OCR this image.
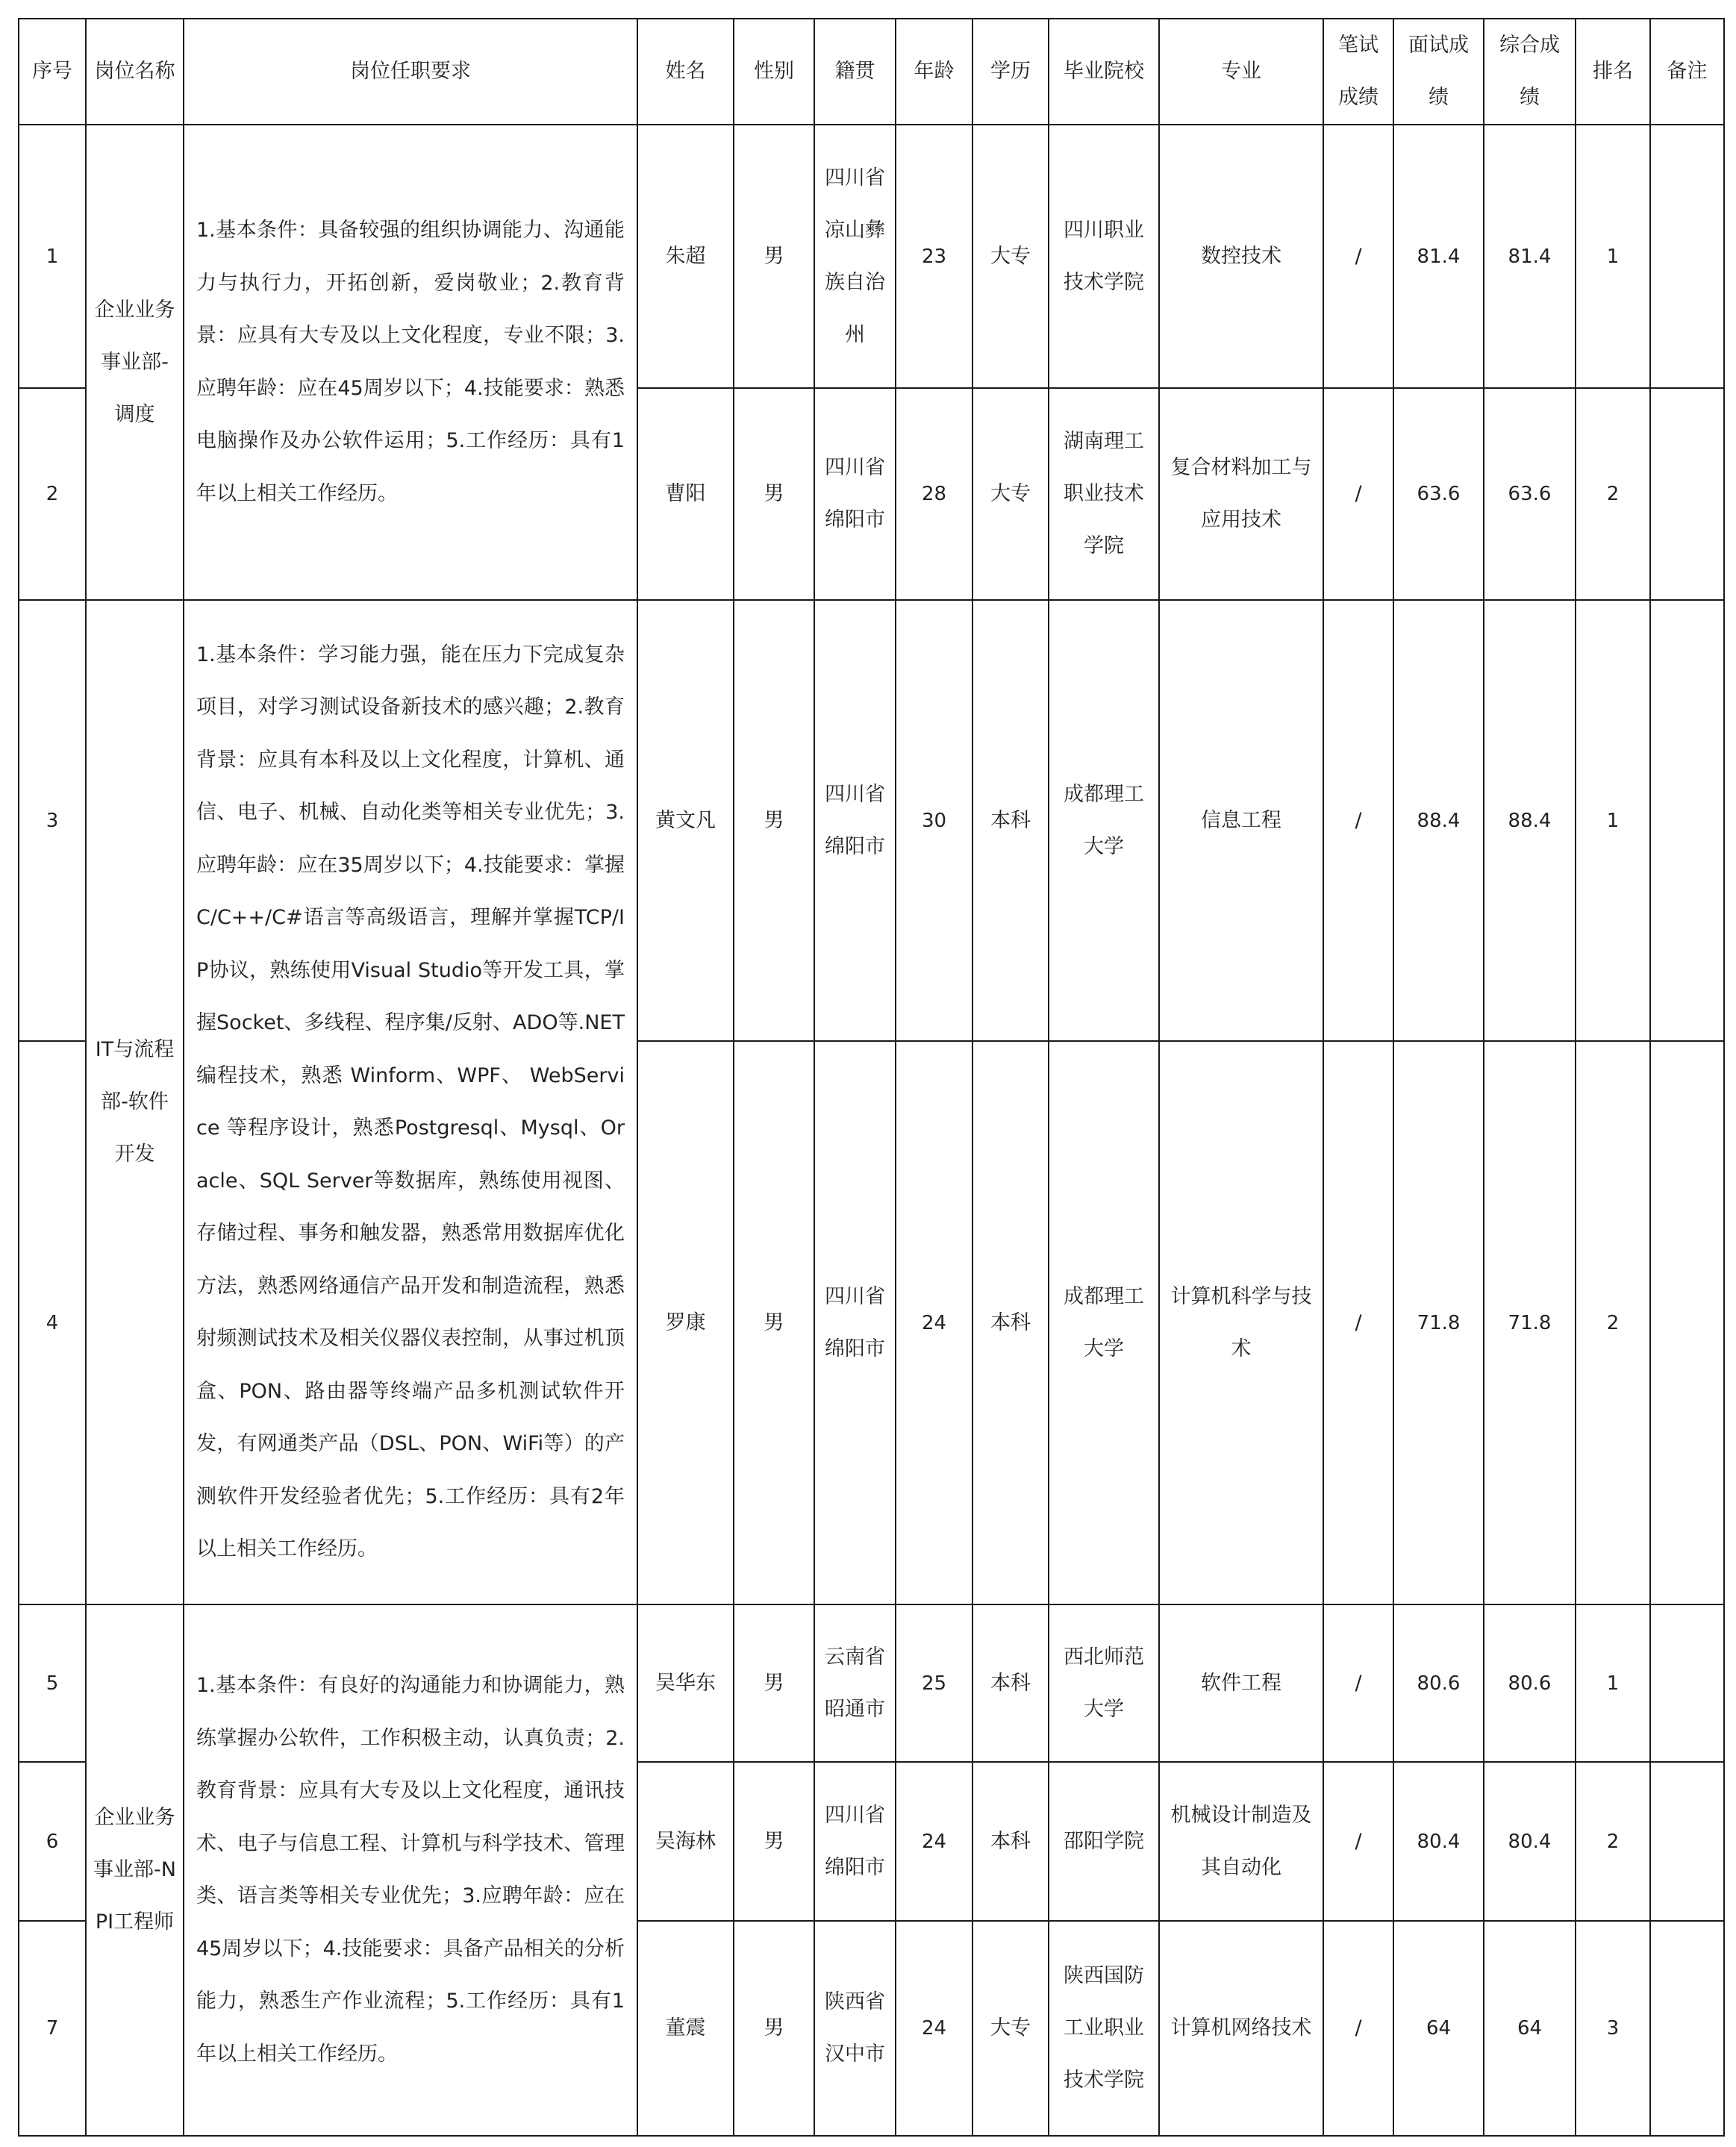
序号	岗位名称	岗位任职要求	姓名	性别	籍贯	年龄	学历	毕业院校	专业	笔试成绩	面试成绩	综合成绩	排名	备注
1	企业业务事业部-调度	1.基本条件：具备较强的组织协调能力、沟通能力与执行力，开拓创新，爱岗敬业；2.教育背景：应具有大专及以上文化程度，专业不限；3.应聘年龄：应在45周岁以下；4.技能要求：熟悉电脑操作及办公软件运用；5.工作经历：具有1年以上相关工作经历。	朱超	男	四川省凉山彝族自治州	23	大专	四川职业技术学院	数控技术	/	81.4	81.4	1	
2			曹阳	男	四川省绵阳市	28	大专	湖南理工职业技术学院	复合材料加工与应用技术	/	63.6	63.6	2	
3	IT与流程部-软件开发	1.基本条件：学习能力强，能在压力下完成复杂项目，对学习测试设备新技术的感兴趣；2.教育背景：应具有本科及以上文化程度，计算机、通信、电子、机械、自动化类等相关专业优先；3.应聘年龄：应在35周岁以下；4.技能要求：掌握C/C++/C#语言等高级语言，理解并掌握TCP/IP协议，熟练使用Visual Studio等开发工具，掌握Socket、多线程、程序集/反射、ADO等.NET编程技术，熟悉 Winform、WPF、 WebService 等程序设计，熟悉Postgresql、Mysql、Oracle、SQL Server等数据库，熟练使用视图、存储过程、事务和触发器，熟悉常用数据库优化方法，熟悉网络通信产品开发和制造流程，熟悉射频测试技术及相关仪器仪表控制，从事过机顶盒、PON、路由器等终端产品多机测试软件开发，有网通类产品（DSL、PON、WiFi等）的产测软件开发经验者优先；5.工作经历：具有2年以上相关工作经历。	黄文凡	男	四川省绵阳市	30	本科	成都理工大学	信息工程	/	88.4	88.4	1	
4			罗康	男	四川省绵阳市	24	本科	成都理工大学	计算机科学与技术	/	71.8	71.8	2	
5	企业业务事业部-NPI工程师	1.基本条件：有良好的沟通能力和协调能力，熟练掌握办公软件，工作积极主动，认真负责；2.教育背景：应具有大专及以上文化程度，通讯技术、电子与信息工程、计算机与科学技术、管理类、语言类等相关专业优先；3.应聘年龄：应在45周岁以下；4.技能要求：具备产品相关的分析能力，熟悉生产作业流程；5.工作经历：具有1年以上相关工作经历。	吴华东	男	云南省昭通市	25	本科	西北师范大学	软件工程	/	80.6	80.6	1	
6			吴海林	男	四川省绵阳市	24	本科	邵阳学院	机械设计制造及其自动化	/	80.4	80.4	2	
7			董震	男	陕西省汉中市	24	大专	陕西国防工业职业技术学院	计算机网络技术	/	64	64	3	
